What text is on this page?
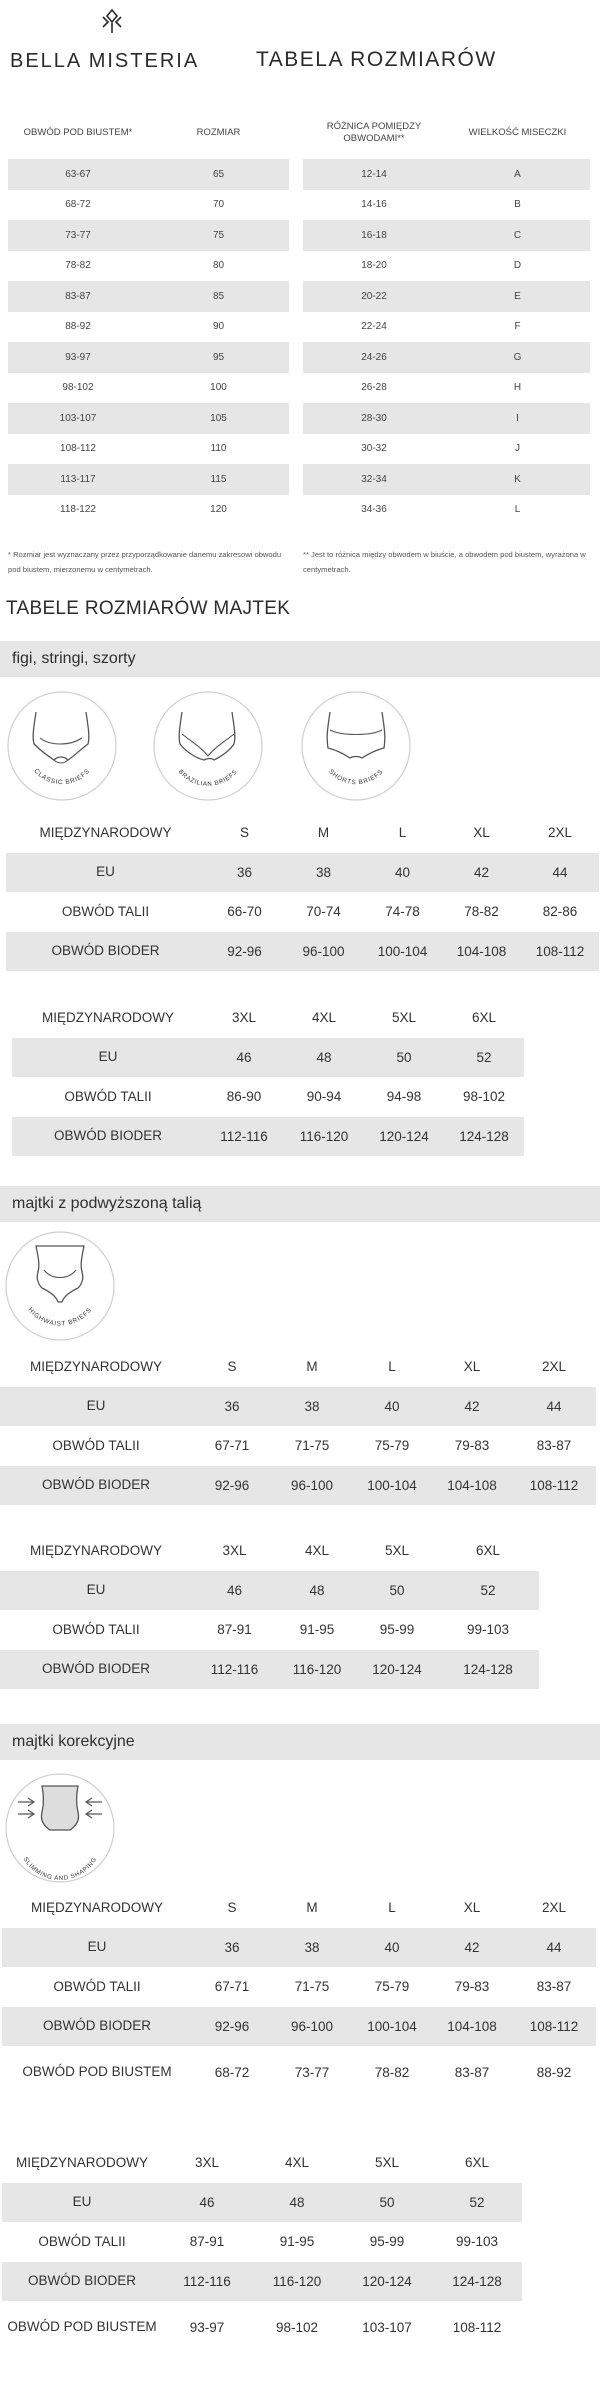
BELLA MISTERIA	TABELA ROZMIARÓW
OBWÓD POD BIUSTEM*	ROZMIAR
63-67	65
68-72	70
73-77	75
78-82	80
83-87	85
88-92	90
93-97	95
98-102	100
103-107	105
108-112	110
113-117	115
118-122	120
RÓŻNICA POMIĘDZY OBWODAMI**	WIELKOŚĆ MISECZKI
12-14	A
14-16	B
16-18	C
18-20	D
20-22	E
22-24	F
24-26	G
26-28	H
28-30	I
30-32	J
32-34	K
34-36	L
* Rozmiar jest wyznaczany przez przyporządkowanie danemu zakresowi obwodu pod biustem, mierzonemu w centymetrach.
** Jest to różnica między obwodem w biuście, a obwodem pod biustem, wyrażona w centymetrach.
TABELE ROZMIARÓW MAJTEK
figi, stringi, szorty
CLASSIC BRIEFS	BRAZILIAN BRIEFS	SHORTS BRIEFS
MIĘDZYNARODOWY	S	M	L	XL	2XL
EU	36	38	40	42	44
OBWÓD TALII	66-70	70-74	74-78	78-82	82-86
OBWÓD BIODER	92-96	96-100	100-104	104-108	108-112
MIĘDZYNARODOWY	3XL	4XL	5XL	6XL
EU	46	48	50	52
OBWÓD TALII	86-90	90-94	94-98	98-102
OBWÓD BIODER	112-116	116-120	120-124	124-128
majtki z podwyższoną talią
HIGHWAIST BRIEFS
MIĘDZYNARODOWY	S	M	L	XL	2XL
EU	36	38	40	42	44
OBWÓD TALII	67-71	71-75	75-79	79-83	83-87
OBWÓD BIODER	92-96	96-100	100-104	104-108	108-112
MIĘDZYNARODOWY	3XL	4XL	5XL	6XL
EU	46	48	50	52
OBWÓD TALII	87-91	91-95	95-99	99-103
OBWÓD BIODER	112-116	116-120	120-124	124-128
majtki korekcyjne
SLIMMING AND SHAPING
MIĘDZYNARODOWY	S	M	L	XL	2XL
EU	36	38	40	42	44
OBWÓD TALII	67-71	71-75	75-79	79-83	83-87
OBWÓD BIODER	92-96	96-100	100-104	104-108	108-112
OBWÓD POD BIUSTEM	68-72	73-77	78-82	83-87	88-92
MIĘDZYNARODOWY	3XL	4XL	5XL	6XL
EU	46	48	50	52
OBWÓD TALII	87-91	91-95	95-99	99-103
OBWÓD BIODER	112-116	116-120	120-124	124-128
OBWÓD POD BIUSTEM	93-97	98-102	103-107	108-112
